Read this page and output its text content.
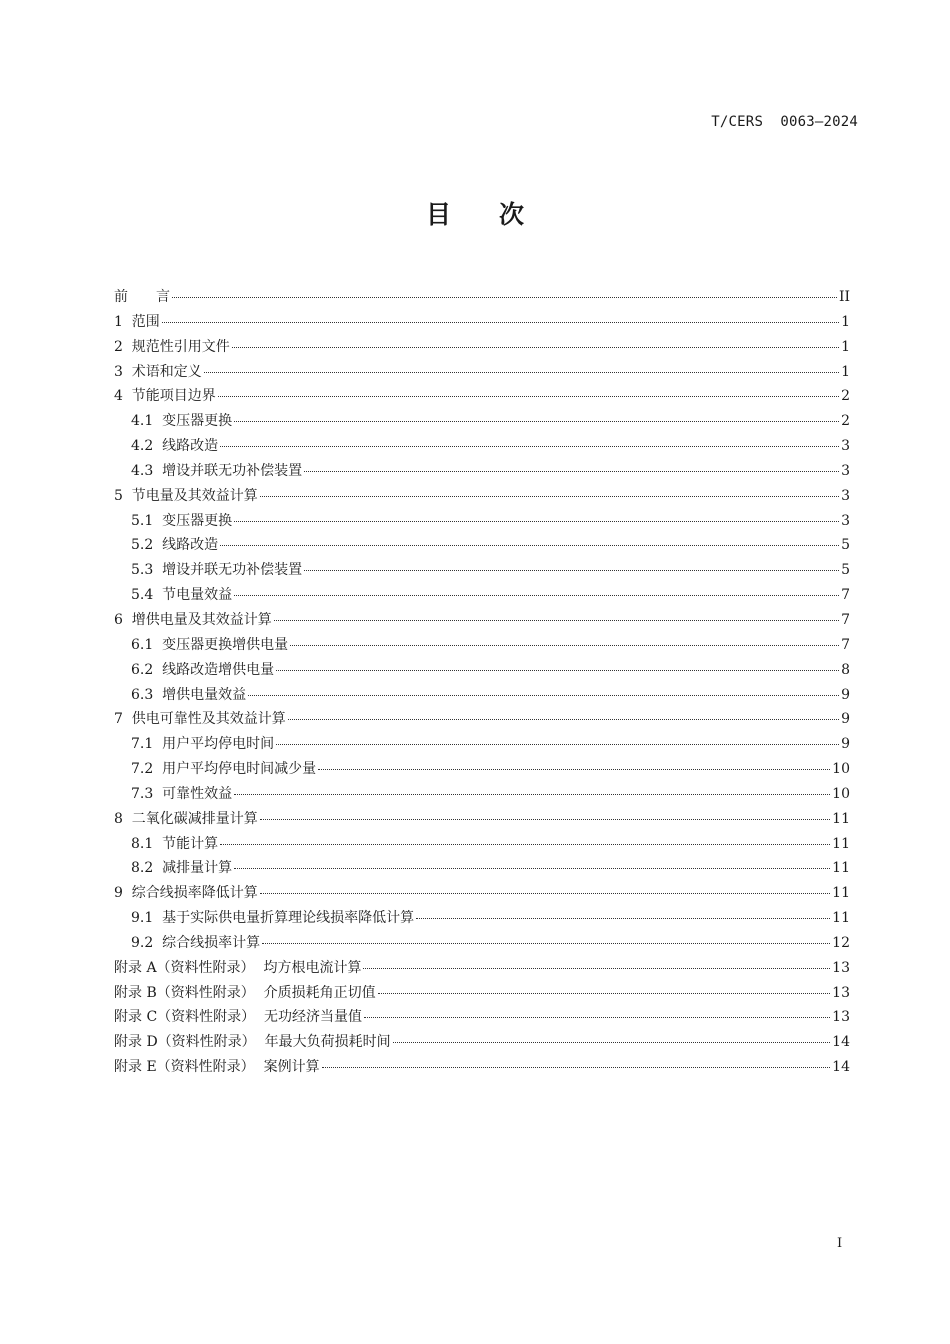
T/CERS  0063—2024
目次
前　　言	II
1  范围	1
2  规范性引用文件	1
3  术语和定义	1
4  节能项目边界	2
4.1  变压器更换	2
4.2  线路改造	3
4.3  增设并联无功补偿装置	3
5  节电量及其效益计算	3
5.1  变压器更换	3
5.2  线路改造	5
5.3  增设并联无功补偿装置	5
5.4  节电量效益	7
6  增供电量及其效益计算	7
6.1  变压器更换增供电量	7
6.2  线路改造增供电量	8
6.3  增供电量效益	9
7  供电可靠性及其效益计算	9
7.1  用户平均停电时间	9
7.2  用户平均停电时间减少量	10
7.3  可靠性效益	10
8  二氧化碳减排量计算	11
8.1  节能计算	11
8.2  减排量计算	11
9  综合线损率降低计算	11
9.1  基于实际供电量折算理论线损率降低计算	11
9.2  综合线损率计算	12
附录 A（资料性附录）  均方根电流计算	13
附录 B（资料性附录）  介质损耗角正切值	13
附录 C（资料性附录）  无功经济当量值	13
附录 D（资料性附录）  年最大负荷损耗时间	14
附录 E（资料性附录）  案例计算	14
I
